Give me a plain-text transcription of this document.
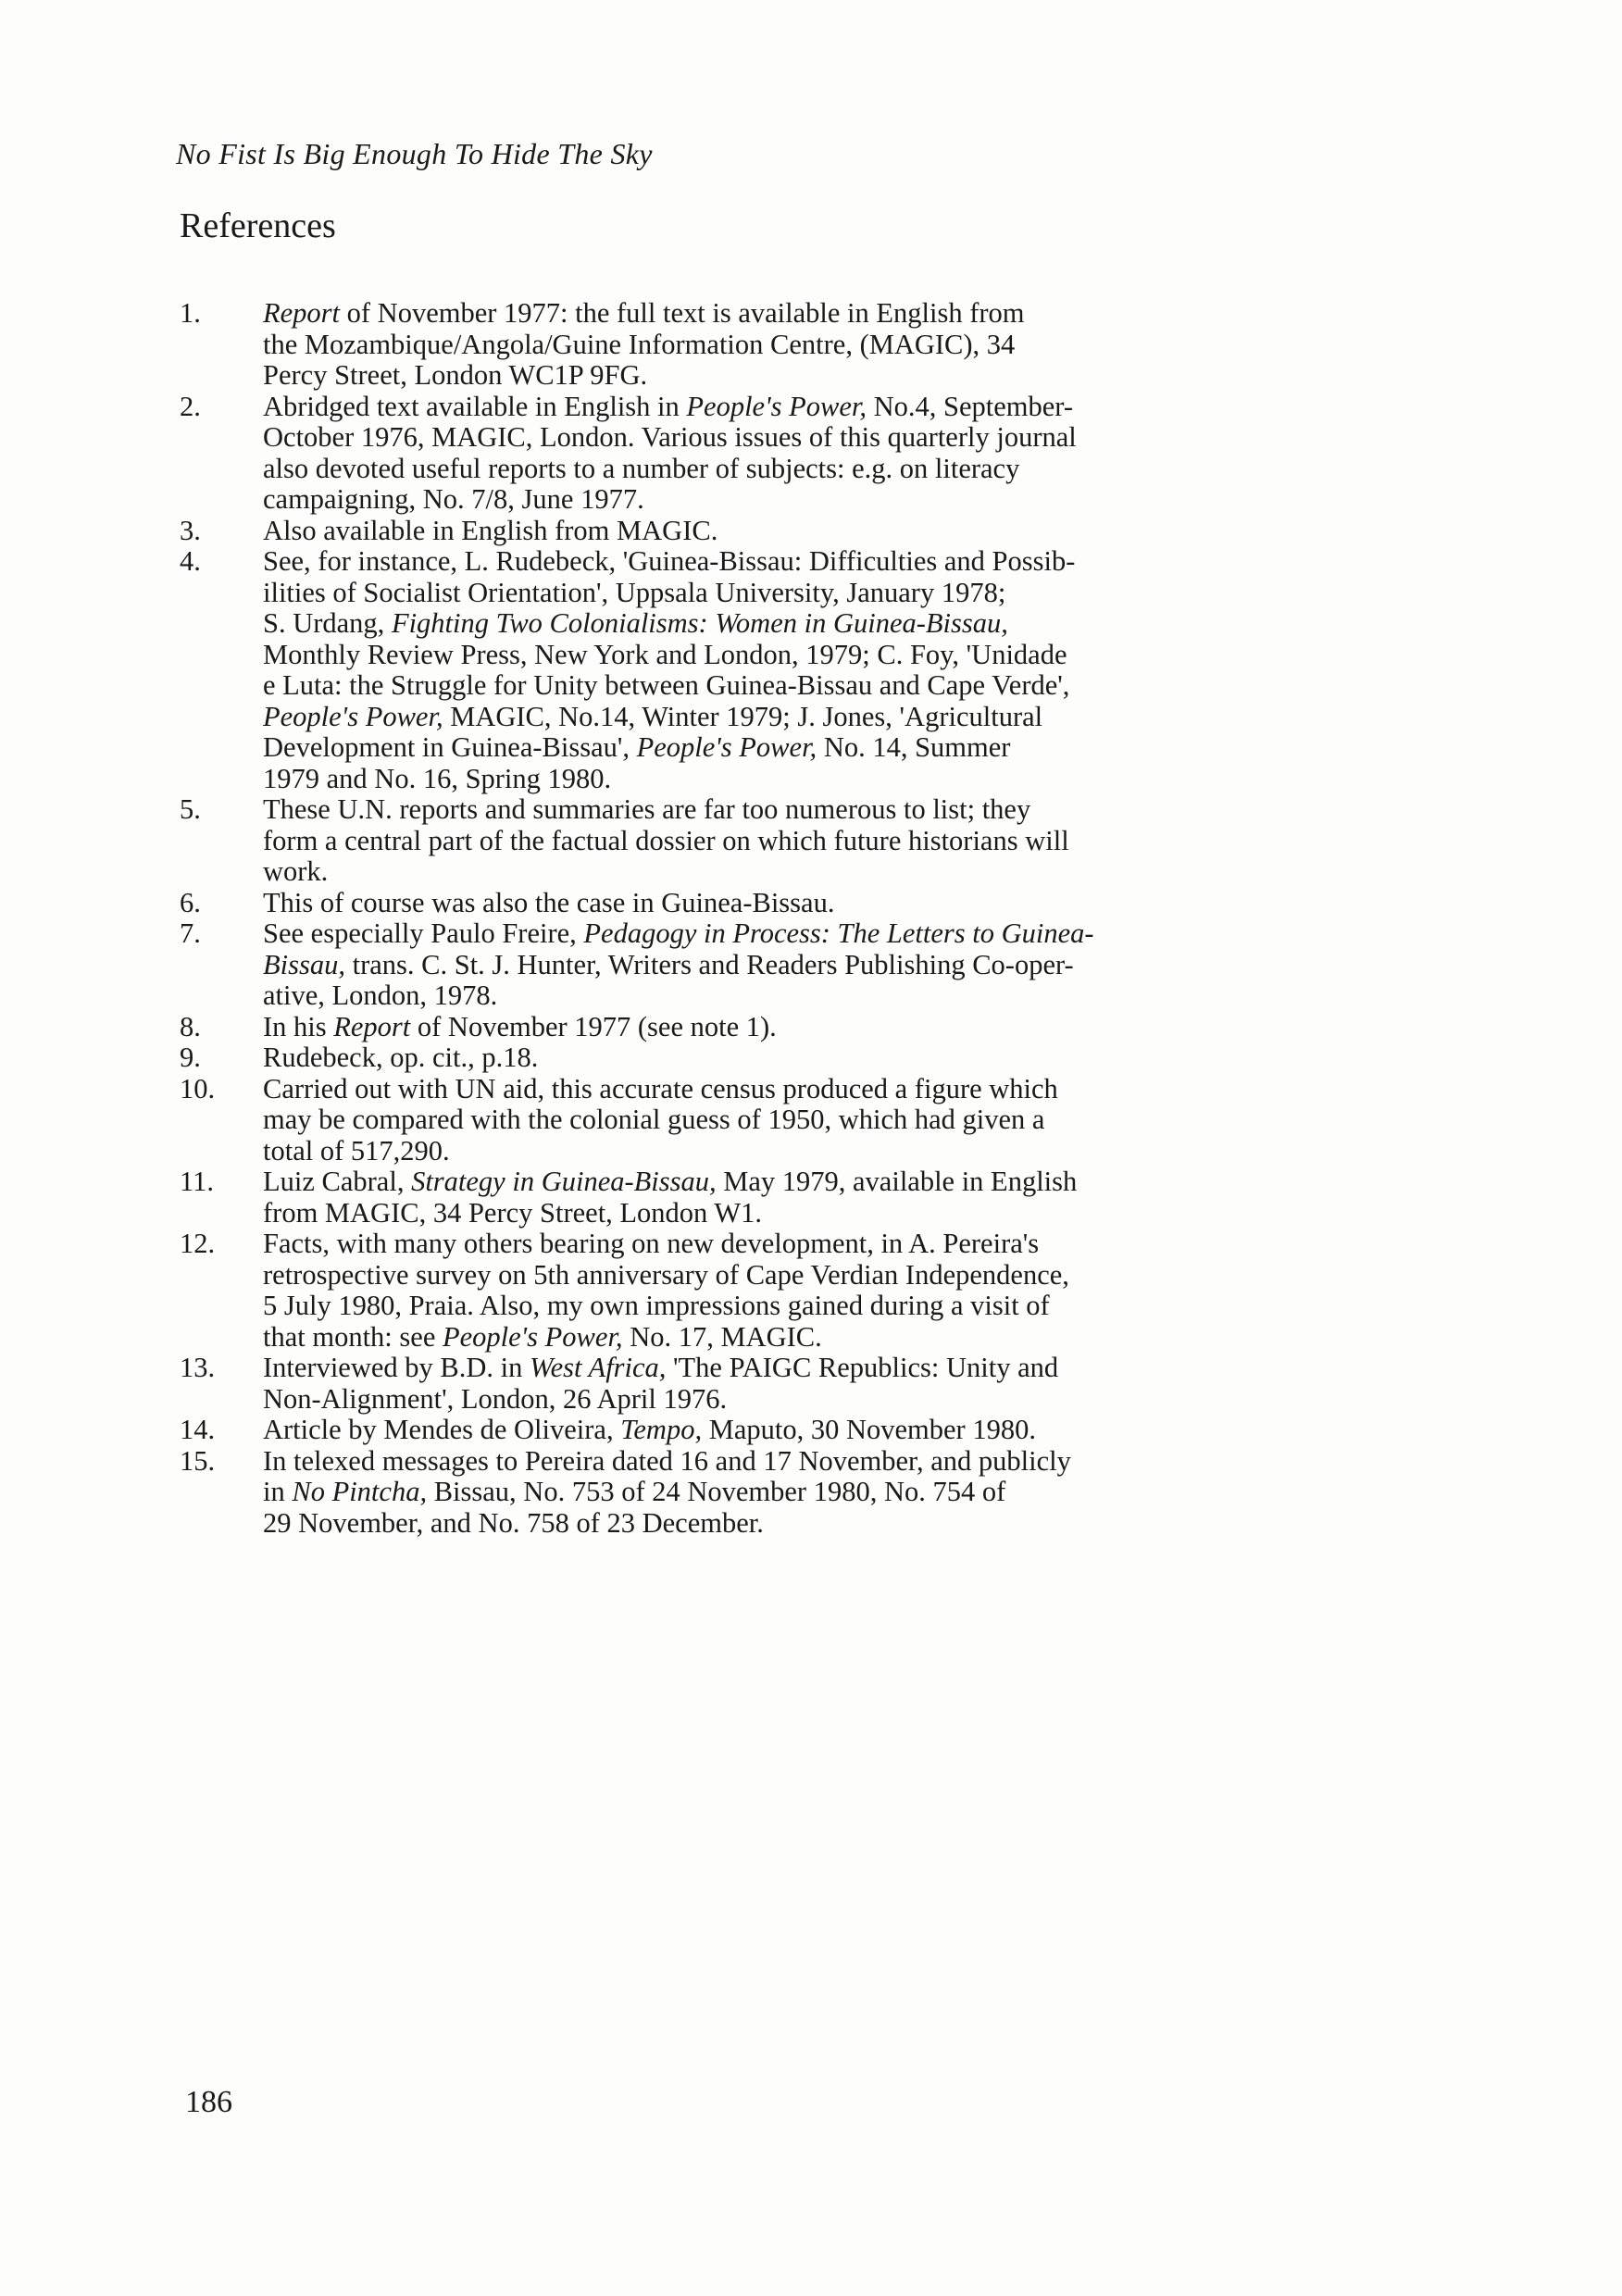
No Fist Is Big Enough To Hide The Sky

References
1.	Report of November 1977: the full text is available in English from
the Mozambique/Angola/Guine Information Centre, (MAGIC), 34
Percy Street, London WC1P 9FG.
2.	Abridged text available in English in People's Power, No.4, September-
October 1976, MAGIC, London. Various issues of this quarterly journal
also devoted useful reports to a number of subjects: e.g. on literacy
campaigning, No. 7/8, June 1977.
3.	Also available in English from MAGIC.
4.	See, for instance, L. Rudebeck, 'Guinea-Bissau: Difficulties and Possib-
ilities of Socialist Orientation', Uppsala University, January 1978;
S. Urdang, Fighting Two Colonialisms: Women in Guinea-Bissau,
Monthly Review Press, New York and London, 1979; C. Foy, 'Unidade
e Luta: the Struggle for Unity between Guinea-Bissau and Cape Verde',
People's Power, MAGIC, No.14, Winter 1979; J. Jones, 'Agricultural
Development in Guinea-Bissau', People's Power, No. 14, Summer
1979 and No. 16, Spring 1980.
5.	These U.N. reports and summaries are far too numerous to list; they
form a central part of the factual dossier on which future historians will
work.
6.	This of course was also the case in Guinea-Bissau.
7.	See especially Paulo Freire, Pedagogy in Process: The Letters to Guinea-
Bissau, trans. C. St. J. Hunter, Writers and Readers Publishing Co-oper-
ative, London, 1978.
8.	In his Report of November 1977 (see note 1).
9.	Rudebeck, op. cit., p.18.
10.	Carried out with UN aid, this accurate census produced a figure which
may be compared with the colonial guess of 1950, which had given a
total of 517,290.
11.	Luiz Cabral, Strategy in Guinea-Bissau, May 1979, available in English
from MAGIC, 34 Percy Street, London W1.
12.	Facts, with many others bearing on new development, in A. Pereira's
retrospective survey on 5th anniversary of Cape Verdian Independence,
5 July 1980, Praia. Also, my own impressions gained during a visit of
that month: see People's Power, No. 17, MAGIC.
13.	Interviewed by B.D. in West Africa, 'The PAIGC Republics: Unity and
Non-Alignment', London, 26 April 1976.
14.	Article by Mendes de Oliveira, Tempo, Maputo, 30 November 1980.
15.	In telexed messages to Pereira dated 16 and 17 November, and publicly
in No Pintcha, Bissau, No. 753 of 24 November 1980, No. 754 of
29 November, and No. 758 of 23 December.

186
